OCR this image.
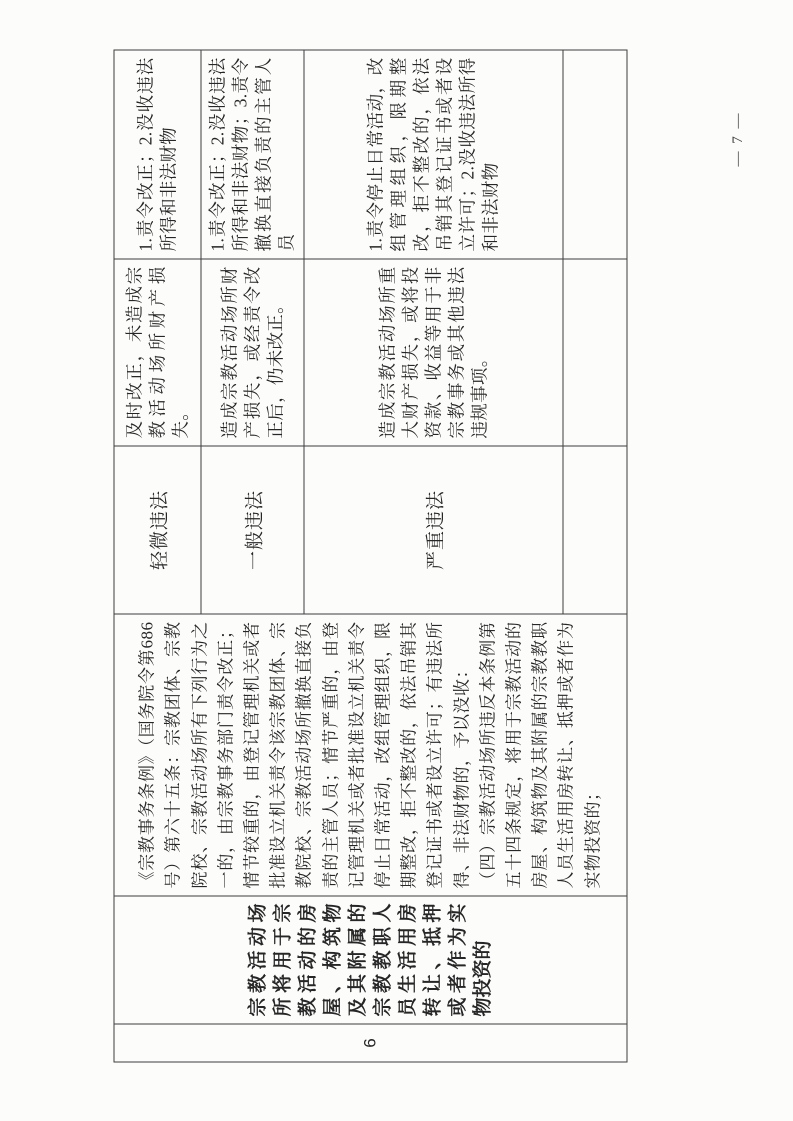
6	宗教活动场所将用于宗教活动的房屋、构筑物及其附属的宗教教职人员生活用房转让、抵押或者作为实物投资的	《宗教事务条例》（国务院令第686号）第六十五条：宗教团体、宗教院校、宗教活动场所有下列行为之一的，由宗教事务部门责令改正；情节较重的，由登记管理机关或者批准设立机关责令该宗教团体、宗教院校、宗教活动场所撤换直接负责的主管人员；情节严重的，由登记管理机关或者批准设立机关责令停止日常活动，改组管理组织，限期整改，拒不整改的，依法吊销其登记证书或者设立许可；有违法所得、非法财物的，予以没收： （四）宗教活动场所违反本条例第五十四条规定，将用于宗教活动的房屋、构筑物及其附属的宗教教职人员生活用房转让、抵押或者作为实物投资的；	轻微违法	及时改正，未造成宗教活动场所财产损失。	1.责令改正；2.没收违法所得和非法财物
			一般违法	造成宗教活动场所财产损失，或经责令改正后，仍未改正。	1.责令改正；2.没收违法所得和非法财物；3.责令撤换直接负责的主管人员
			严重违法	造成宗教活动场所重大财产损失，或将投资款、收益等用于非宗教事务或其他违法违规事项。	1.责令停止日常活动，改组管理组织，限期整改，拒不整改的，依法吊销其登记证书或者设立许可；2.没收违法所得和非法财物

— 7 —
